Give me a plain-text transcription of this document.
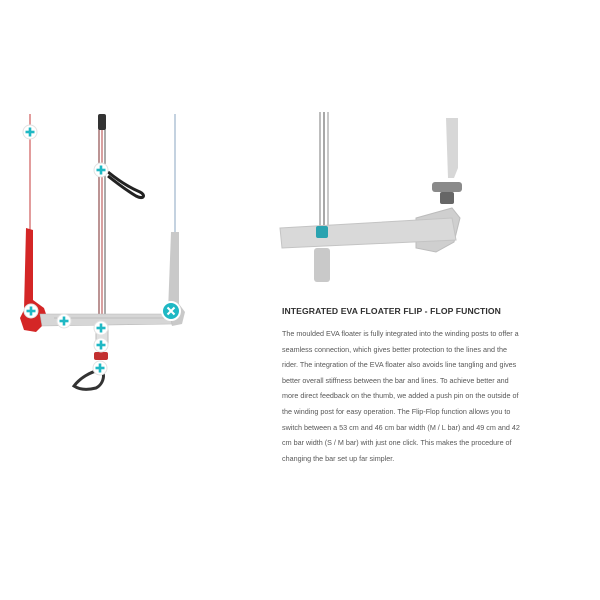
INTEGRATED EVA FLOATER FLIP - FLOP FUNCTION

The moulded EVA floater is fully integrated into the winding posts to offer a

seamless connection, which gives better protection to the lines and the

rider. The integration of the EVA floater also avoids line tangling and gives

better overall stiffness between the bar and lines. To achieve better and

more direct feedback on the thumb, we added a push pin on the outside of

the winding post for easy operation. The Flip-Flop function allows you to

switch between a 53 cm and 46 cm bar width (M / L bar) and 49 cm and 42

cm bar width (S / M bar) with just one click. This makes the procedure of

changing the bar set up far simpler.
